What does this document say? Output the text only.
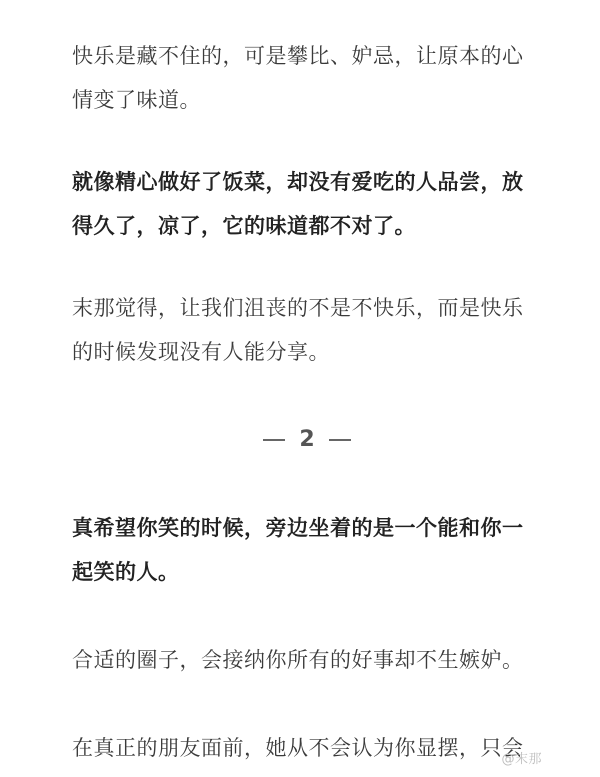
快乐是藏不住的，可是攀比、妒忌，让原本的心
情变了味道。

就像精心做好了饭菜，却没有爱吃的人品尝，放
得久了，凉了，它的味道都不对了。

末那觉得，让我们沮丧的不是不快乐，而是快乐
的时候发现没有人能分享。

2

真希望你笑的时候，旁边坐着的是一个能和你一
起笑的人。

合适的圈子，会接纳你所有的好事却不生嫉妒。

在真正的朋友面前，她从不会认为你显摆，只会

@末那
